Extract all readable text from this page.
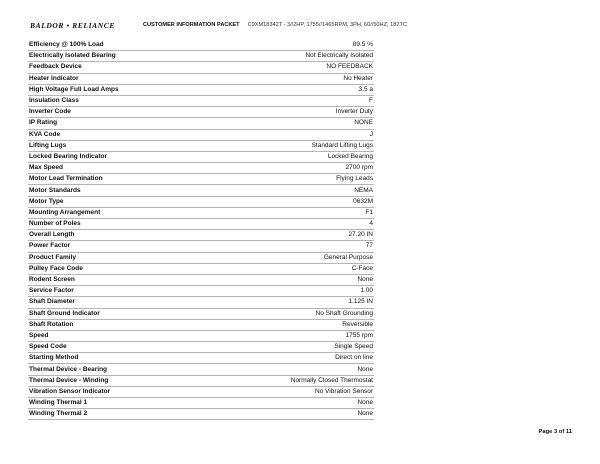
BALDOR • RELIANCE	CUSTOMER INFORMATION PACKET C9XM18342T - 3//2HP, 1755//1465RPM, 3PH, 60//50HZ, 182TC
Efficiency @ 100% Load	89.5 %
Electrically Isolated Bearing	Not Electrically Isolated
Feedback Device	NO FEEDBACK
Heater Indicator	No Heater
High Voltage Full Load Amps	3.5 a
Insulation Class	F
Inverter Code	Inverter Duty
IP Rating	NONE
KVA Code	J
Lifting Lugs	Standard Lifting Lugs
Locked Bearing Indicator	Locked Bearing
Max Speed	2700 rpm
Motor Lead Termination	Flying Leads
Motor Standards	NEMA
Motor Type	0632M
Mounting Arrangement	F1
Number of Poles	4
Overall Length	27.20 IN
Power Factor	77
Product Family	General Purpose
Pulley Face Code	C-Face
Rodent Screen	None
Service Factor	1.00
Shaft Diameter	1.125 IN
Shaft Ground Indicator	No Shaft Grounding
Shaft Rotation	Reversible
Speed	1755 rpm
Speed Code	Single Speed
Starting Method	Direct on line
Thermal Device - Bearing	None
Thermal Device - Winding	Normally Closed Thermostat
Vibration Sensor Indicator	No Vibration Sensor
Winding Thermal 1	None
Winding Thermal 2	None
Page 3 of 11
